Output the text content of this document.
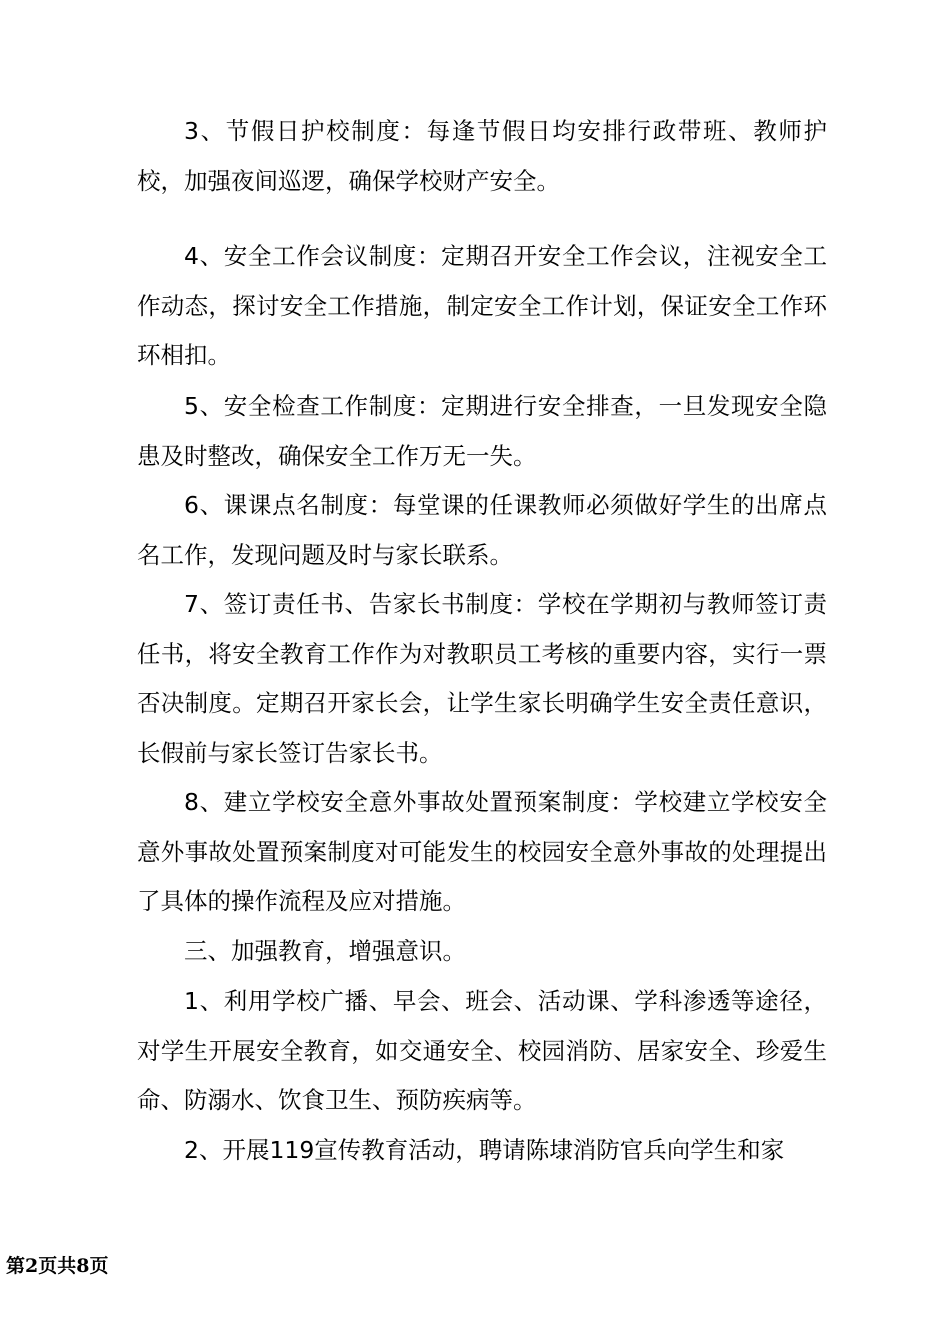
3、节假日护校制度：每逢节假日均安排行政带班、教师护校，加强夜间巡逻，确保学校财产安全。

4、安全工作会议制度：定期召开安全工作会议，注视安全工作动态，探讨安全工作措施，制定安全工作计划，保证安全工作环环相扣。

5、安全检查工作制度：定期进行安全排查，一旦发现安全隐患及时整改，确保安全工作万无一失。

6、课课点名制度：每堂课的任课教师必须做好学生的出席点名工作，发现问题及时与家长联系。

7、签订责任书、告家长书制度：学校在学期初与教师签订责任书，将安全教育工作作为对教职员工考核的重要内容，实行一票否决制度。定期召开家长会，让学生家长明确学生安全责任意识，长假前与家长签订告家长书。

8、建立学校安全意外事故处置预案制度：学校建立学校安全意外事故处置预案制度对可能发生的校园安全意外事故的处理提出了具体的操作流程及应对措施。

三、加强教育，增强意识。

1、利用学校广播、早会、班会、活动课、学科渗透等途径，对学生开展安全教育，如交通安全、校园消防、居家安全、珍爱生命、防溺水、饮食卫生、预防疾病等。

2、开展119宣传教育活动，聘请陈埭消防官兵向学生和家

第2页共8页
